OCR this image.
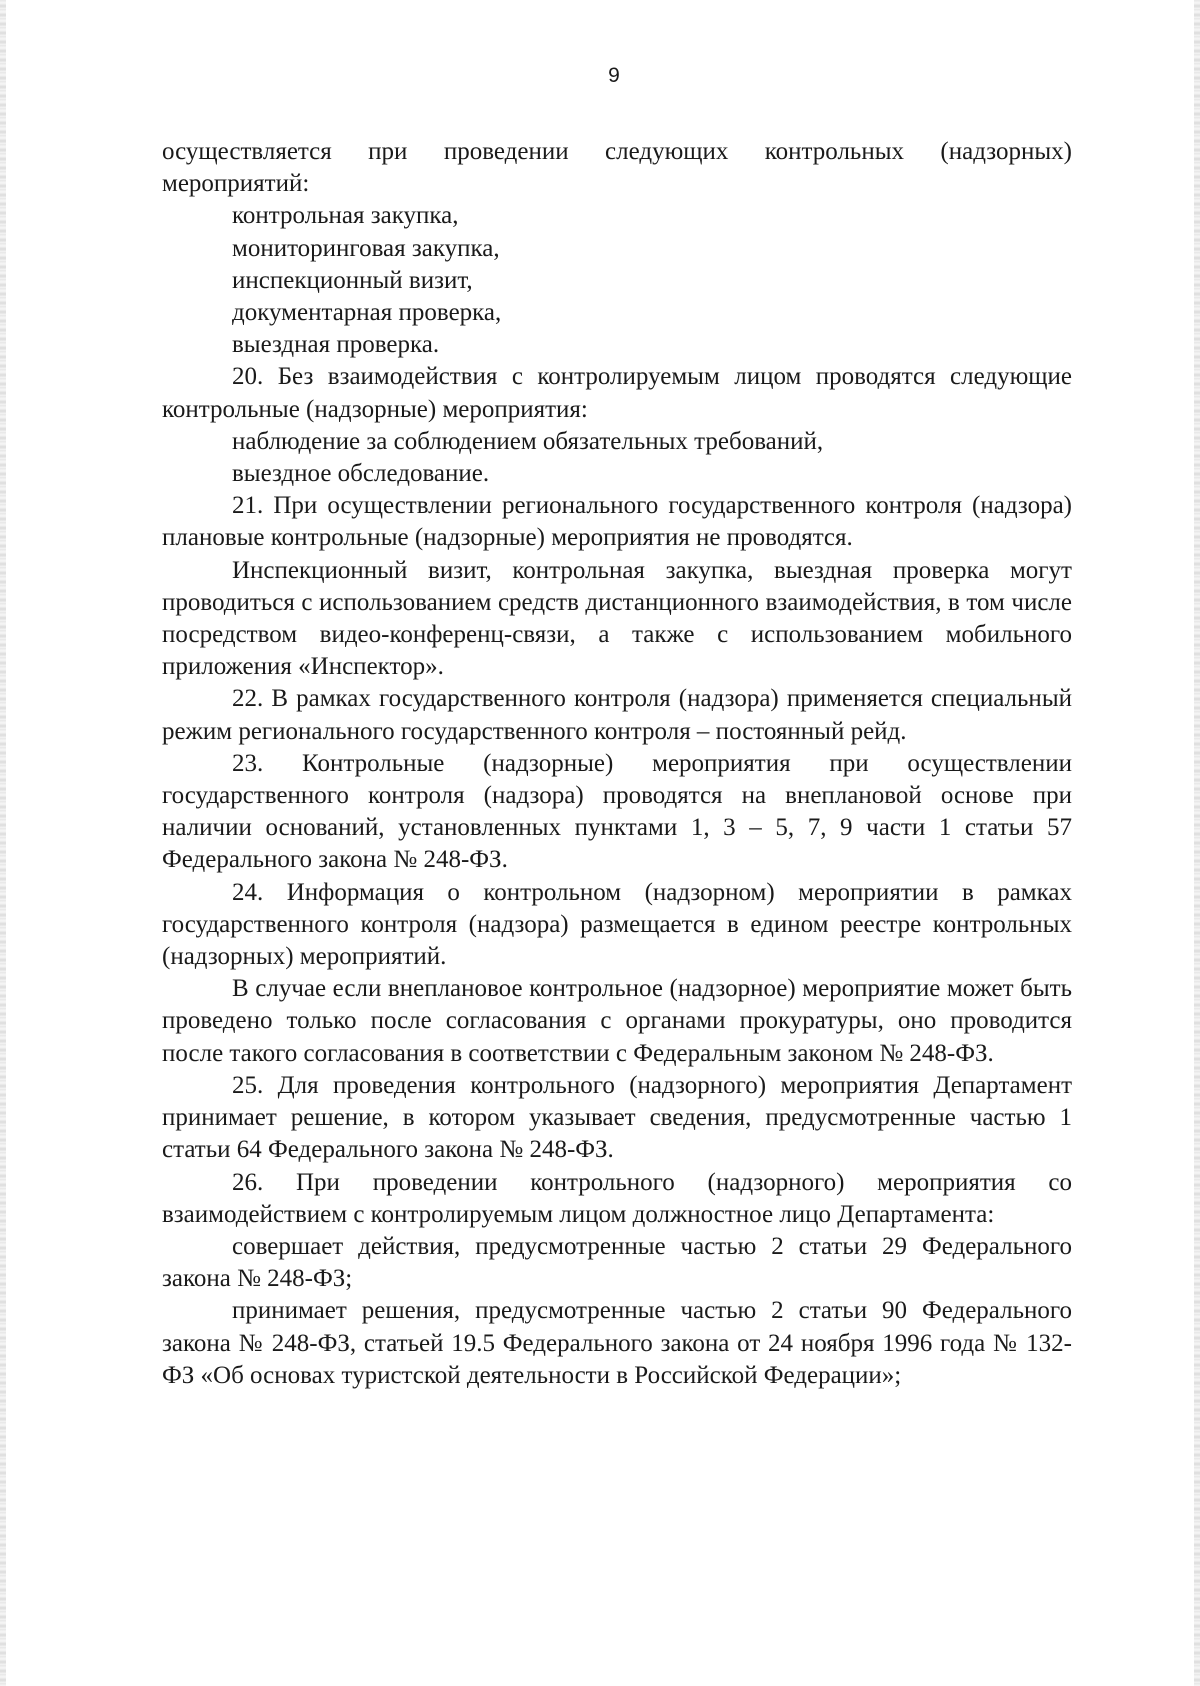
9

осуществляется при проведении следующих контрольных (надзорных) мероприятий:

контрольная закупка,

мониторинговая закупка,

инспекционный визит,

документарная проверка,

выездная проверка.

20. Без взаимодействия с контролируемым лицом проводятся следующие контрольные (надзорные) мероприятия:

наблюдение за соблюдением обязательных требований,

выездное обследование.

21. При осуществлении регионального государственного контроля (надзора) плановые контрольные (надзорные) мероприятия не проводятся.

Инспекционный визит, контрольная закупка, выездная проверка могут проводиться с использованием средств дистанционного взаимодействия, в том числе посредством видео-конференц-связи, а также с использованием мобильного приложения «Инспектор».

22. В рамках государственного контроля (надзора) применяется специальный режим регионального государственного контроля – постоянный рейд.

23. Контрольные (надзорные) мероприятия при осуществлении государственного контроля (надзора) проводятся на внеплановой основе при наличии оснований, установленных пунктами 1, 3 – 5, 7, 9 части 1 статьи 57 Федерального закона № 248-ФЗ.

24. Информация о контрольном (надзорном) мероприятии в рамках государственного контроля (надзора) размещается в едином реестре контрольных (надзорных) мероприятий.

В случае если внеплановое контрольное (надзорное) мероприятие может быть проведено только после согласования с органами прокуратуры, оно проводится после такого согласования в соответствии с Федеральным законом № 248-ФЗ.

25. Для проведения контрольного (надзорного) мероприятия Департамент принимает решение, в котором указывает сведения, предусмотренные частью 1 статьи 64 Федерального закона № 248-ФЗ.

26. При проведении контрольного (надзорного) мероприятия со взаимодействием с контролируемым лицом должностное лицо Департамента:

совершает действия, предусмотренные частью 2 статьи 29 Федерального закона № 248-ФЗ;

принимает решения, предусмотренные частью 2 статьи 90 Федерального закона № 248-ФЗ, статьей 19.5 Федерального закона от 24 ноября 1996 года № 132-ФЗ «Об основах туристской деятельности в Российской Федерации»;
